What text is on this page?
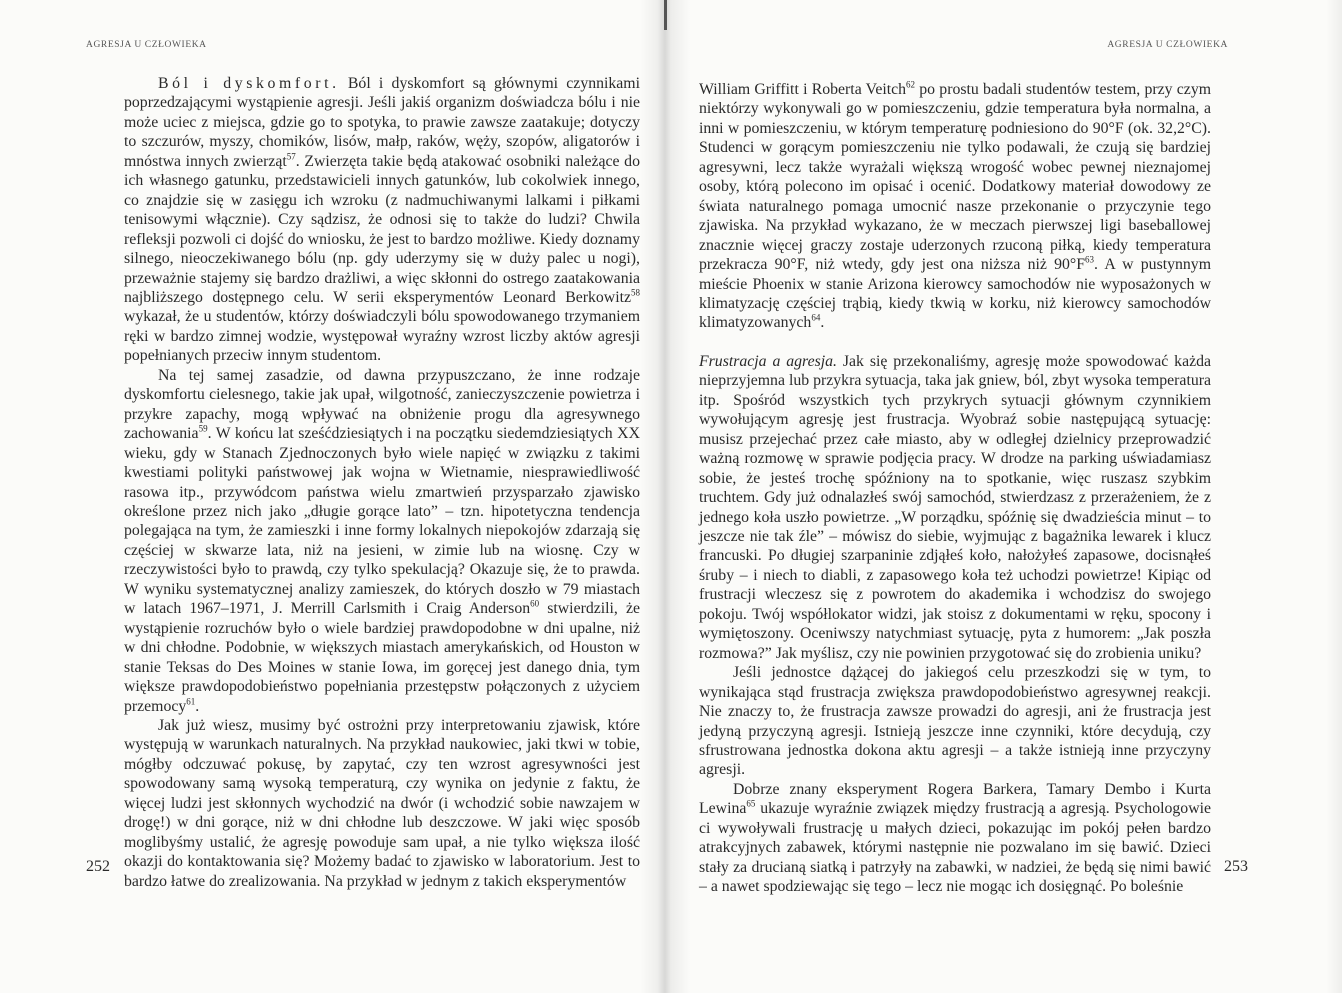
AGRESJA U CZŁOWIEKA

Ból i dyskomfort. Ból i dyskomfort są głównymi czynnikami poprzedzającymi wystąpienie agresji. Jeśli jakiś organizm doświadcza bólu i nie może uciec z miejsca, gdzie go to spotyka, to prawie zawsze zaatakuje; dotyczy to szczurów, myszy, chomików, lisów, małp, raków, węży, szopów, aligatorów i mnóstwa innych zwierząt$^{57}$. Zwierzęta takie będą atakować osobniki należące do ich własnego gatunku, przedstawicieli innych gatunków, lub cokolwiek innego, co znajdzie się w zasięgu ich wzroku (z nadmuchiwanymi lalkami i piłkami tenisowymi włącznie). Czy sądzisz, że odnosi się to także do ludzi? Chwila refleksji pozwoli ci dojść do wniosku, że jest to bardzo możliwe. Kiedy doznamy silnego, nieoczekiwanego bólu (np. gdy uderzymy się w duży palec u nogi), przeważnie stajemy się bardzo drażliwi, a więc skłonni do ostrego zaatakowania najbliższego dostępnego celu. W serii eksperymentów Leonard Berkowitz$^{58}$ wykazał, że u studentów, którzy doświadczyli bólu spowodowanego trzymaniem ręki w bardzo zimnej wodzie, występował wyraźny wzrost liczby aktów agresji popełnianych przeciw innym studentom.

Na tej samej zasadzie, od dawna przypuszczano, że inne rodzaje dyskomfortu cielesnego, takie jak upał, wilgotność, zanieczyszczenie powietrza i przykre zapachy, mogą wpływać na obniżenie progu dla agresywnego zachowania$^{59}$. W końcu lat sześćdziesiątych i na początku siedemdziesiątych XX wieku, gdy w Stanach Zjednoczonych było wiele napięć w związku z takimi kwestiami polityki państwowej jak wojna w Wietnamie, niesprawiedliwość rasowa itp., przywódcom państwa wielu zmartwień przysparzało zjawisko określone przez nich jako „długie gorące lato” – tzn. hipotetyczna tendencja polegająca na tym, że zamieszki i inne formy lokalnych niepokojów zdarzają się częściej w skwarze lata, niż na jesieni, w zimie lub na wiosnę. Czy w rzeczywistości było to prawdą, czy tylko spekulacją? Okazuje się, że to prawda. W wyniku systematycznej analizy zamieszek, do których doszło w 79 miastach w latach 1967–1971, J. Merrill Carlsmith i Craig Anderson$^{60}$ stwierdzili, że wystąpienie rozruchów było o wiele bardziej prawdopodobne w dni upalne, niż w dni chłodne. Podobnie, w większych miastach amerykańskich, od Houston w stanie Teksas do Des Moines w stanie Iowa, im goręcej jest danego dnia, tym większe prawdopodobieństwo popełniania przestępstw połączonych z użyciem przemocy$^{61}$.

Jak już wiesz, musimy być ostrożni przy interpretowaniu zjawisk, które występują w warunkach naturalnych. Na przykład naukowiec, jaki tkwi w tobie, mógłby odczuwać pokusę, by zapytać, czy ten wzrost agresywności jest spowodowany samą wysoką temperaturą, czy wynika on jedynie z faktu, że więcej ludzi jest skłonnych wychodzić na dwór (i wchodzić sobie nawzajem w drogę!) w dni gorące, niż w dni chłodne lub deszczowe. W jaki więc sposób moglibyśmy ustalić, że agresję powoduje sam upał, a nie tylko większa ilość okazji do kontaktowania się? Możemy badać to zjawisko w laboratorium. Jest to bardzo łatwe do zrealizowania. Na przykład w jednym z takich eksperymentów

252
AGRESJA U CZŁOWIEKA

William Griffitt i Roberta Veitch$^{62}$ po prostu badali studentów testem, przy czym niektórzy wykonywali go w pomieszczeniu, gdzie temperatura była normalna, a inni w pomieszczeniu, w którym temperaturę podniesiono do 90°F (ok. 32,2°C). Studenci w gorącym pomieszczeniu nie tylko podawali, że czują się bardziej agresywni, lecz także wyrażali większą wrogość wobec pewnej nieznajomej osoby, którą polecono im opisać i ocenić. Dodatkowy materiał dowodowy ze świata naturalnego pomaga umocnić nasze przekonanie o przyczynie tego zjawiska. Na przykład wykazano, że w meczach pierwszej ligi baseballowej znacznie więcej graczy zostaje uderzonych rzuconą piłką, kiedy temperatura przekracza 90°F, niż wtedy, gdy jest ona niższa niż 90°F$^{63}$. A w pustynnym mieście Phoenix w stanie Arizona kierowcy samochodów nie wyposażonych w klimatyzację częściej trąbią, kiedy tkwią w korku, niż kierowcy samochodów klimatyzowanych$^{64}$.

Frustracja a agresja. Jak się przekonaliśmy, agresję może spowodować każda nieprzyjemna lub przykra sytuacja, taka jak gniew, ból, zbyt wysoka temperatura itp. Spośród wszystkich tych przykrych sytuacji głównym czynnikiem wywołującym agresję jest frustracja. Wyobraź sobie następującą sytuację: musisz przejechać przez całe miasto, aby w odległej dzielnicy przeprowadzić ważną rozmowę w sprawie podjęcia pracy. W drodze na parking uświadamiasz sobie, że jesteś trochę spóźniony na to spotkanie, więc ruszasz szybkim truchtem. Gdy już odnalazłeś swój samochód, stwierdzasz z przerażeniem, że z jednego koła uszło powietrze. „W porządku, spóźnię się dwadzieścia minut – to jeszcze nie tak źle” – mówisz do siebie, wyjmując z bagażnika lewarek i klucz francuski. Po długiej szarpaninie zdjąłeś koło, nałożyłeś zapasowe, docisnąłeś śruby – i niech to diabli, z zapasowego koła też uchodzi powietrze! Kipiąc od frustracji wleczesz się z powrotem do akademika i wchodzisz do swojego pokoju. Twój współlokator widzi, jak stoisz z dokumentami w ręku, spocony i wymiętoszony. Oceniwszy natychmiast sytuację, pyta z humorem: „Jak poszła rozmowa?” Jak myślisz, czy nie powinien przygotować się do zrobienia uniku?

Jeśli jednostce dążącej do jakiegoś celu przeszkodzi się w tym, to wynikająca stąd frustracja zwiększa prawdopodobieństwo agresywnej reakcji. Nie znaczy to, że frustracja zawsze prowadzi do agresji, ani że frustracja jest jedyną przyczyną agresji. Istnieją jeszcze inne czynniki, które decydują, czy sfrustrowana jednostka dokona aktu agresji – a także istnieją inne przyczyny agresji.

Dobrze znany eksperyment Rogera Barkera, Tamary Dembo i Kurta Lewina$^{65}$ ukazuje wyraźnie związek między frustracją a agresją. Psychologowie ci wywoływali frustrację u małych dzieci, pokazując im pokój pełen bardzo atrakcyjnych zabawek, którymi następnie nie pozwalano im się bawić. Dzieci stały za drucianą siatką i patrzyły na zabawki, w nadziei, że będą się nimi bawić – a nawet spodziewając się tego – lecz nie mogąc ich dosięgnąć. Po boleśnie

253
